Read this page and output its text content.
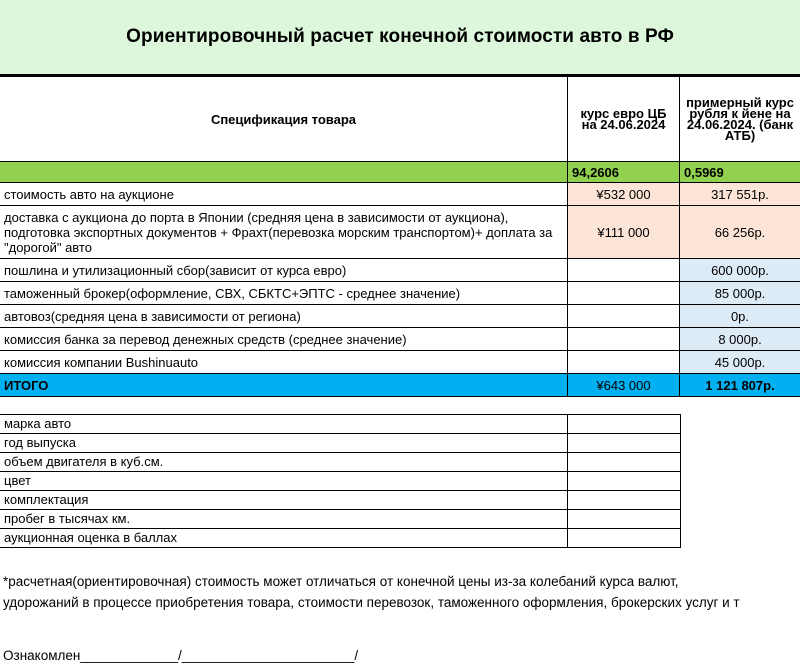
Ориентировочный расчет конечной стоимости авто в РФ
Спецификация товара	курс евро ЦБ на 24.06.2024	примерный курс рубля к йене на 24.06.2024. (банк АТБ)
	94,2606	0,5969
стоимость авто на аукционе	¥532 000	317 551р.
доставка с аукциона до порта в Японии (средняя цена в зависимости от аукциона), подготовка экспортных документов + Фрахт(перевозка морским транспортом)+ доплата за "дорогой" авто	¥111 000	66 256р.
пошлина и утилизационный сбор(зависит от курса евро)		600 000р.
таможенный брокер(оформление, СВХ, СБКТС+ЭПТС - среднее значение)		85 000р.
автовоз(средняя цена в зависимости от региона)		0р.
комиссия банка за перевод денежных средств (среднее значение)		8 000р.
комиссия компании Bushinuauto		45 000р.
ИТОГО	¥643 000	1 121 807р.
марка авто	
год выпуска	
объем двигателя в куб.см.	
цвет	
комплектация	
пробег в тысячах км.	
аукционная оценка в баллах	
*расчетная(ориентировочная) стоимость может отличаться от конечной цены из-за колебаний курса валют,
удорожаний в процессе приобретения товара, стоимости перевозок, таможенного оформления, брокерских услуг и т
Ознакомлен_____________/_______________________/
